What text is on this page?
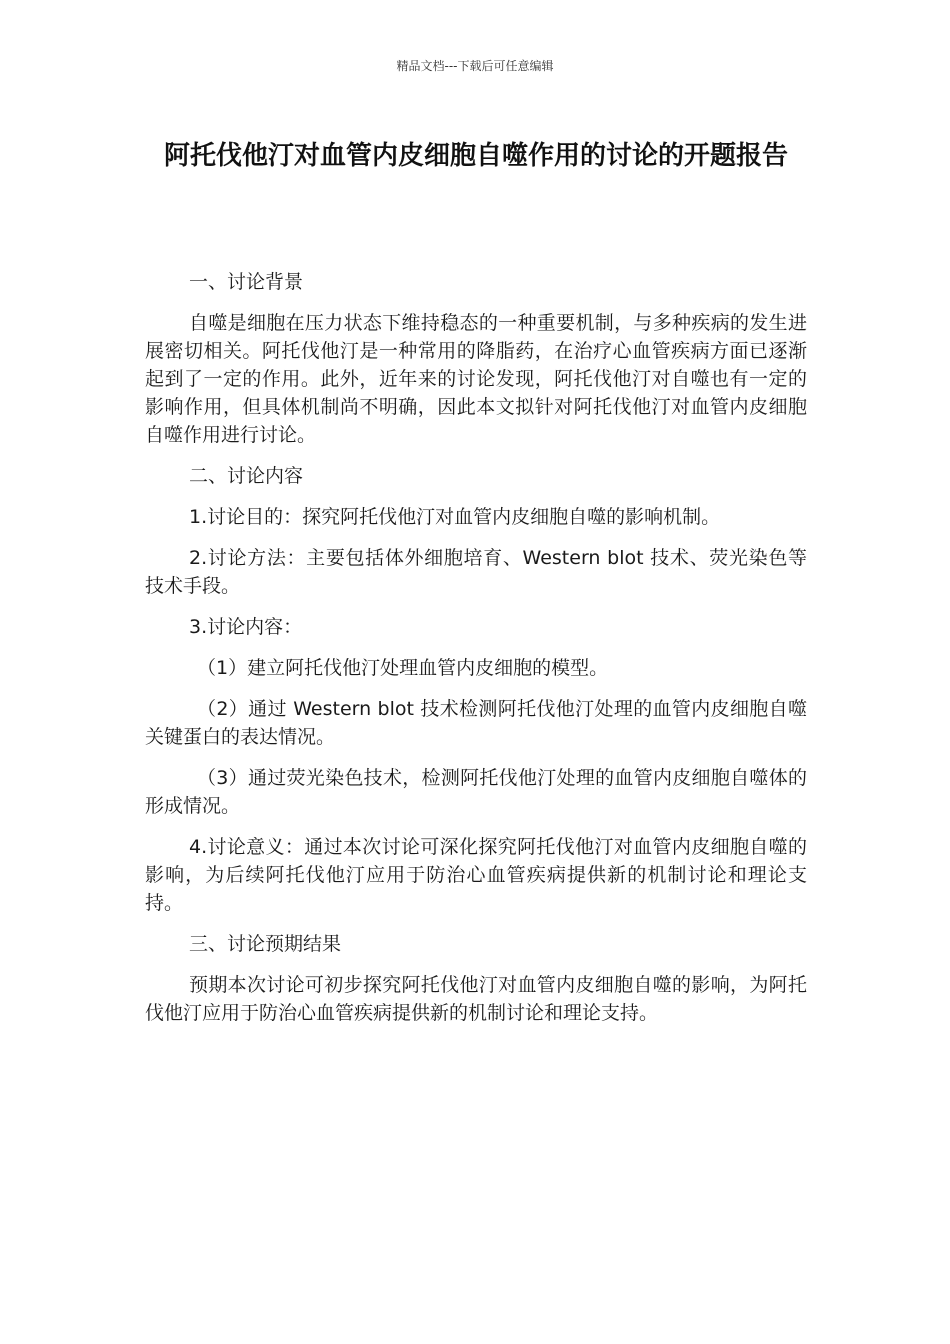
精品文档---下载后可任意编辑
阿托伐他汀对血管内皮细胞自噬作用的讨论的开题报告

一、讨论背景

自噬是细胞在压力状态下维持稳态的一种重要机制，与多种疾病的发生进展密切相关。阿托伐他汀是一种常用的降脂药，在治疗心血管疾病方面已逐渐起到了一定的作用。此外，近年来的讨论发现，阿托伐他汀对自噬也有一定的影响作用，但具体机制尚不明确，因此本文拟针对阿托伐他汀对血管内皮细胞自噬作用进行讨论。

二、讨论内容

1.讨论目的：探究阿托伐他汀对血管内皮细胞自噬的影响机制。

2.讨论方法：主要包括体外细胞培育、Western blot 技术、荧光染色等技术手段。

3.讨论内容：

（1）建立阿托伐他汀处理血管内皮细胞的模型。

（2）通过 Western blot 技术检测阿托伐他汀处理的血管内皮细胞自噬关键蛋白的表达情况。

（3）通过荧光染色技术，检测阿托伐他汀处理的血管内皮细胞自噬体的形成情况。

4.讨论意义：通过本次讨论可深化探究阿托伐他汀对血管内皮细胞自噬的影响，为后续阿托伐他汀应用于防治心血管疾病提供新的机制讨论和理论支持。

三、讨论预期结果

预期本次讨论可初步探究阿托伐他汀对血管内皮细胞自噬的影响，为阿托伐他汀应用于防治心血管疾病提供新的机制讨论和理论支持。
